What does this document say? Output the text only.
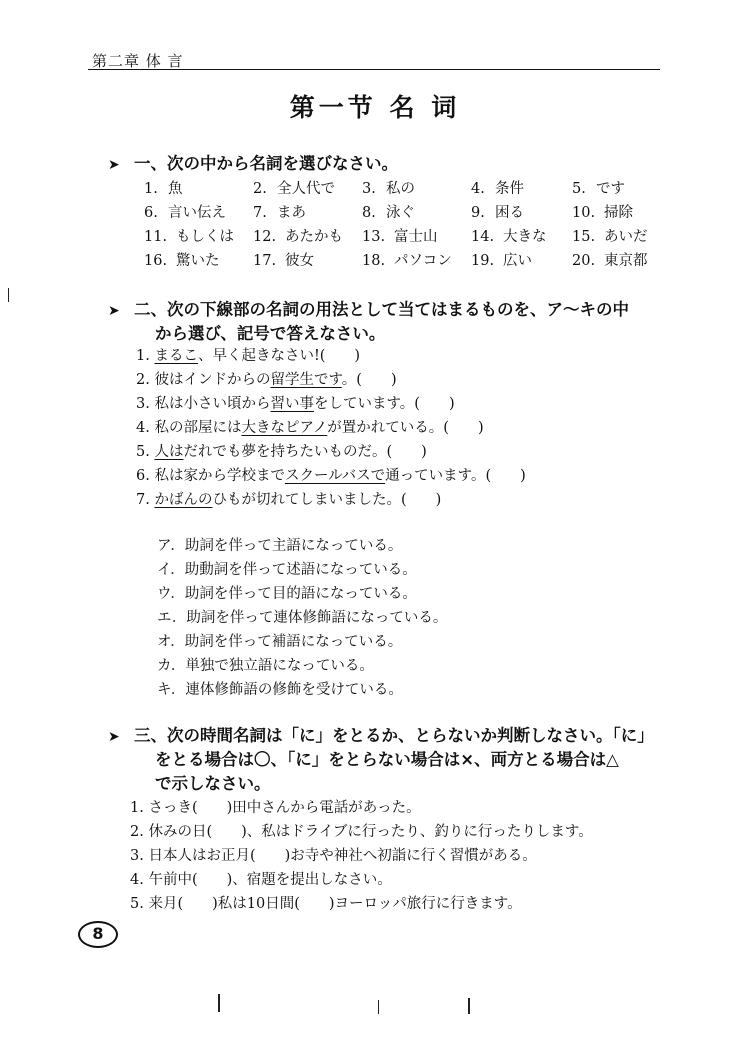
第二章 体 言
第一节 名 词
➤ 一、次の中から名詞を選びなさい。
1. 魚	2. 全人代で 3. 私の	4. 条件	5. です
6. 言い伝え 7. まあ	8. 泳ぐ	9. 困る	10. 掃除
11. もしくは 12. あたかも 13. 富士山 14. 大きな 15. あいだ
16. 驚いた 17. 彼女	18. パソコン 19. 広い	20. 東京都
➤ 二、次の下線部の名詞の用法として当てはまるものを、ア～キの中
から選び、記号で答えなさい。
1. まるこ、早く起きなさい!(　　)
2. 彼はインドからの留学生です。(　　)
3. 私は小さい頃から習い事をしています。(　　)
4. 私の部屋には大きなピアノが置かれている。(　　)
5. 人はだれでも夢を持ちたいものだ。(　　)
6. 私は家から学校までスクールバスで通っています。(　　)
7. かばんのひもが切れてしまいました。(　　)
ア．助詞を伴って主語になっている。
イ．助動詞を伴って述語になっている。
ウ．助詞を伴って目的語になっている。
エ．助詞を伴って連体修飾語になっている。
オ．助詞を伴って補語になっている。
カ．単独で独立語になっている。
キ．連体修飾語の修飾を受けている。
➤ 三、次の時間名詞は「に」をとるか、とらないか判断しなさい。「に」
をとる場合は〇、「に」をとらない場合は×、両方とる場合は△
で示しなさい。
1. さっき(　　)田中さんから電話があった。
2. 休みの日(　　)、私はドライブに行ったり、釣りに行ったりします。
3. 日本人はお正月(　　)お寺や神社へ初詣に行く習慣がある。
4. 午前中(　　)、宿題を提出しなさい。
5. 来月(　　)私は10日間(　　)ヨーロッパ旅行に行きます。
8
